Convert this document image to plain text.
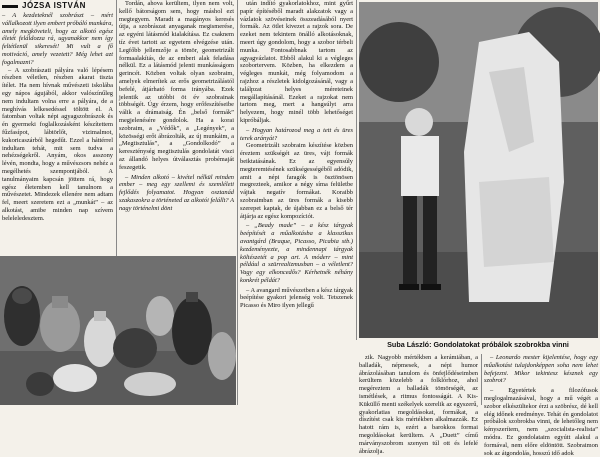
JÓZSA ISTVÁN

– A kezdeteknél szobrászt – mért vállalkozott ilyen embert próbáló munkára, amely megköveteli, hogy az alkotó egész életét feláldozza rá, ugyanakkor nem így feltétlenül sikeresét! Mi vult a fő motiváció, amely vezetett? Még lehet azt fogalmazni?

– A szobrászati pályára való lépésem részben véletlen, részben akarat tiszta ítélet. Ha nem hívnak művészeti iskolába egy nápos águjából, akkor valószínűleg nem indultam volna erre a pályára, de a meghívás lelkesedéssel töltött el. A fatomban voltak népi agyagszobrászok és én gyermeki foglalkozásként készítettem fűzfasípot, lábtörlőt, vizimalmot, kukoricaszárból hegedűt. Ezzel a háttérrel indultam tehát, mit sem tudva a nehézségekről. Anyám, okos asszony lévén, mondta, hogy a művészsors nehéz a megélhetés szempontjából. A tanulmányaim kapcsán jöttem rá, hogy egész életemben kell tanulnom a művészetet. Mindezek ellenére nem adtam fel, meert szeretem ezt a „munkát” – az alkotást, amibe minden nap szívem beleleledesztem.

Tordán, ahova kerültem, ilyen nem volt, kellő bátorságom sem, hogy máshol ezt megtegyem. Maradt a magányos keresés útja, a szobrászat anyaganak megismerése, az egyéni látásmód kialakítása. Ez csaknem tíz évet tartott az egyetem elvégzése után. Legfőbb jellemzője a tömör, geometrizált formaalakítás, de az emberi alak feladása nélkül. Ez a látásmód jelenti munkásságom gerincét. Közben voltak olyan szobraim, amelyek elmerítek az erős geometrizálástól befelé, átjárható forma irányába. Ezek jelentik az utóbbi öt év szobrainak többségét. Úgy érzem, hogy erőfeszítéseibe válik a drámaiság. Én „belső formák” megjelenésére gondolok. Ha a korai szobraim, a „Védők”, a „Legények”, a közösségi erőt ábrázolták, az új munkáim, a „Megtisztulás”, a „Gondolkodó” a kereszténység megtisztulás gondolatát viszi az állandó helyes útválasztás probémaját feszegetik.

– Minden alkotó – kivétel nélkül minden ember – meg egy szellemi és szemléleti fejlődés folyamatot. Hogyan osztanád szakaszokra a történeted az alkotói felállt? A nagy történelmi dönt

után indító gyakorlatokhoz, mint gyűrt papír építéséből maradt alakzatok vagy a vázlatok szövéseinek összeadásából nyert formák. Az ötlet kivezet a rajzok sora. De ezeket nem tekintem önálló alkotásoknak, meert úgy gondolom, hogy a szobor térbeli munka. Fontosabbnak tartom az agyagvázlatot. Ebből alakul ki a végleges szobortervem. Közben, ha elkezdem a végleges munkát, még folyamodom a rajzhoz a részletek kidolgozásánál, vagy a találpzat helyes méreteinek megállapításánál. Ezeket a rajzokat nem tartom meg, mert a hangsúlyt arra helyezem, hogy minél több lehetőséget kipróbáljak.

– Hogyan határozod meg a tett és üres terek arányát?

Geometrizált szobraim készítése közben éreztem szükségét az üres, vájt formák beiktatásának. Ez az egyensúly megteremtésének szükségességéből adódik, amit a népi faragók is ösztönösen megrezteek, amikor a négy síma felületbe vájtak negatív formákat. Koraibb szobraimban az üres formák a kisebb szerepet kaptak, de újabban ez a belső tér átjárja az egész kompozíciót.

– „Beady made” – a kész tárgyak beépítését a műalkotásba a klasszikus avantgárd (Braque, Picasso, Picabia stb.) kezdeményezte, a mindennapi tárgyak költészetét a pop art. A móderr – mint például a szürrealizmusban – a véletlent? Vagy egy elkoncedős? Kérhetnék néhány konkrét példát?

– A avangard művészetben a kész tárgyak beépítése gyakori jelenség volt. Tetszenek Picasso és Miro ilyen jellegű

Suba László: Gondolatokat próbálok szobrokba vinni

zik. Nagyobb mértékben a kerámiában, a balladák, népmesek, a népi humor ábrázolásában tanulom és önfejlődéseimben kerültem közelebb a folklórhoz, ahol megéreztem a balladák tömörségét, az ismétlések, a ritmus fontosságát. A Kis-Küküllő menti székelyek szerelik az egyszerű, gyakorlatias megoldásokat, formákat, a díszítést csak kis mértékben alkalmazzák. Ez hatott rám is, ezért a barokkos formai megoldásokat kerültem. A „Duett” című márványszobrom szenyen túl ott és lefelé ábrázolja.

– Leonardo mester kijelentése, hogy egy műalkotást tulajdonképpen soha nem lehet befejezni. Mikor tekintesz késznek egy szobrot?

– Egyetértek a filozófusok meglogalmazásával, hogy a mű végét a szobor elkészültekor érzi a szöbrész, dé kell elég időnek eredménye. Tehát én gondolatot próbálok szobrokba vinni, de lehetőleg nem kényszerítem, nem „szocialista-realista” módra. Ez gondolataim egyútt alakul a formával, nem előre eldöntött. Szobraimon sok az átgondolás, hosszú idő adok
